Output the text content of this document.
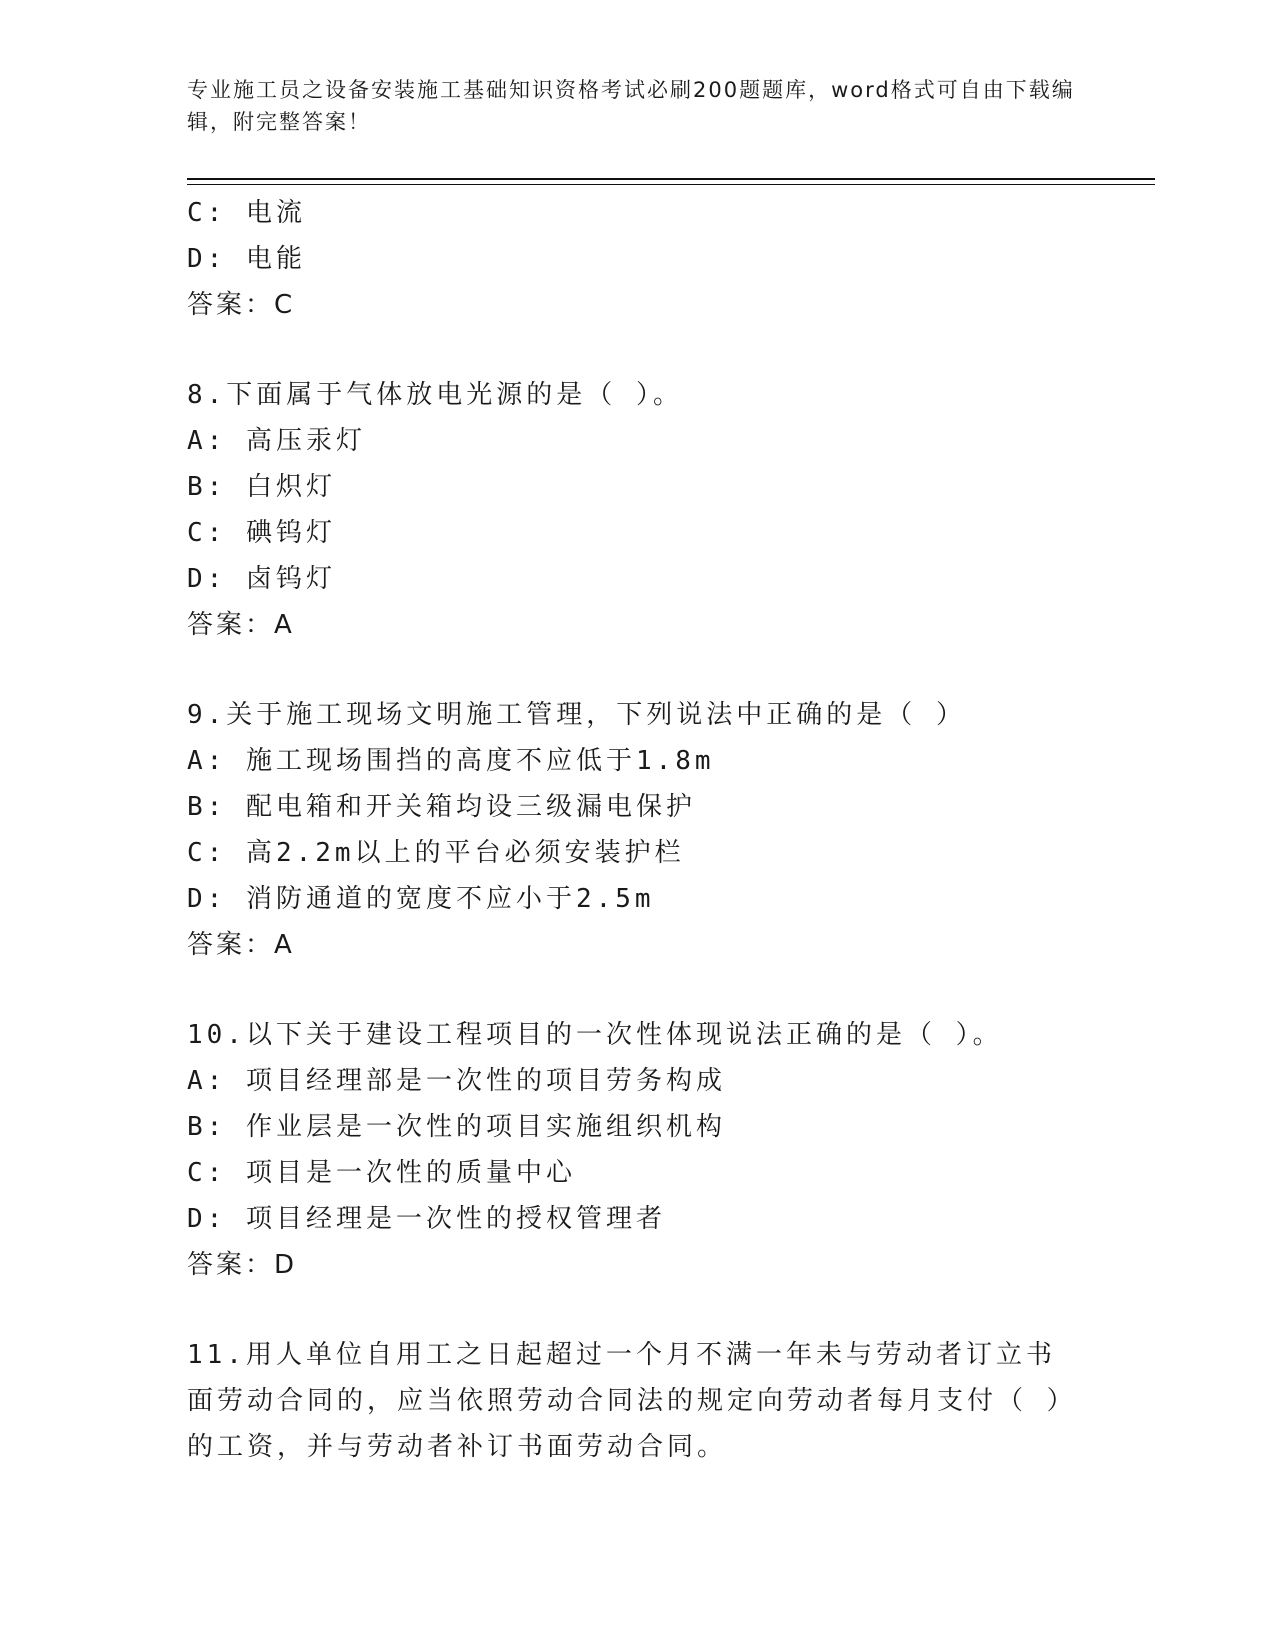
专业施工员之设备安装施工基础知识资格考试必刷200题题库，word格式可自由下载编辑，附完整答案！
C: 电流
D: 电能
答案：C
8.下面属于气体放电光源的是（ ）。
A: 高压汞灯
B: 白炽灯
C: 碘钨灯
D: 卤钨灯
答案：A
9.关于施工现场文明施工管理，下列说法中正确的是（ ）
A: 施工现场围挡的高度不应低于1.8m
B: 配电箱和开关箱均设三级漏电保护
C: 高2.2m以上的平台必须安装护栏
D: 消防通道的宽度不应小于2.5m
答案：A
10.以下关于建设工程项目的一次性体现说法正确的是（ ）。
A: 项目经理部是一次性的项目劳务构成
B: 作业层是一次性的项目实施组织机构
C: 项目是一次性的质量中心
D: 项目经理是一次性的授权管理者
答案：D
11.用人单位自用工之日起超过一个月不满一年未与劳动者订立书面劳动合同的，应当依照劳动合同法的规定向劳动者每月支付（ ）的工资，并与劳动者补订书面劳动合同。
